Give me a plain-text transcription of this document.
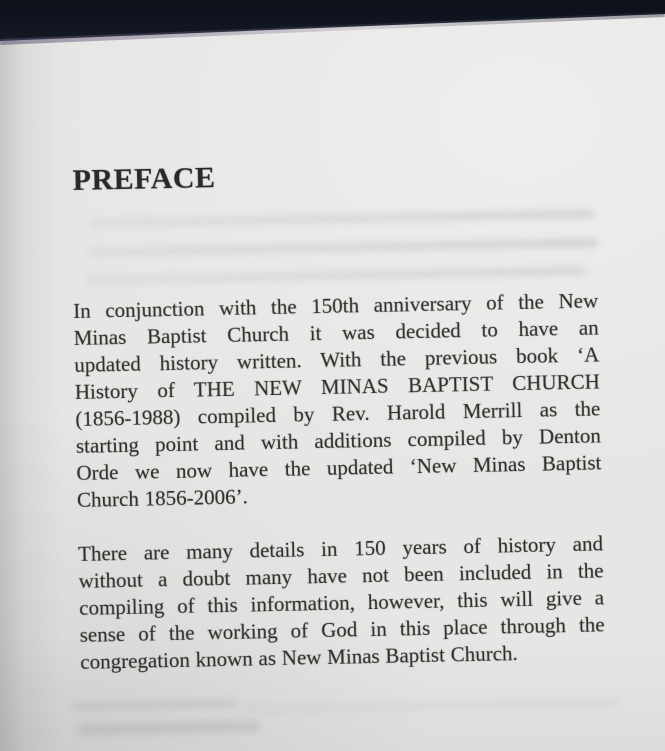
PREFACE
In conjunction with the 150th anniversary of the New
Minas Baptist Church it was decided to have an
updated history written. With the previous book ‘A
History of THE NEW MINAS BAPTIST CHURCH
(1856-1988) compiled by Rev. Harold Merrill as the
starting point and with additions compiled by Denton
Orde we now have the updated ‘New Minas Baptist
Church 1856-2006’.
There are many details in 150 years of history and
without a doubt many have not been included in the
compiling of this information, however, this will give a
sense of the working of God in this place through the
congregation known as New Minas Baptist Church.
